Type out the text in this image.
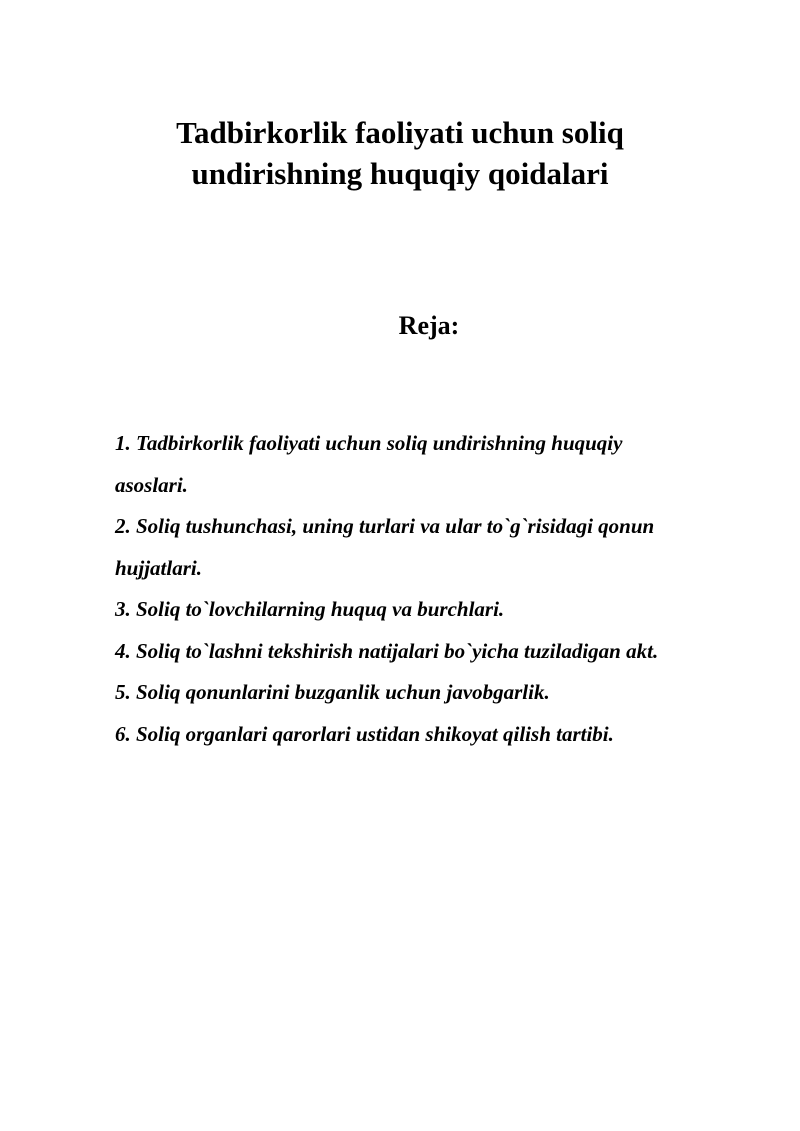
Tadbirkorlik faoliyati uchun soliq
undirishning huquqiy qoidalari
Reja:
1. Tadbirkorlik faoliyati uchun soliq undirishning huquqiy
asoslari.
2. Soliq tushunchasi, uning turlari va ular to`g`risidagi qonun
hujjatlari.
3. Soliq to`lovchilarning huquq va burchlari.
4. Soliq to`lashni tekshirish natijalari bo`yicha tuziladigan akt.
5. Soliq qonunlarini buzganlik uchun javobgarlik.
6. Soliq organlari qarorlari ustidan shikoyat qilish tartibi.
